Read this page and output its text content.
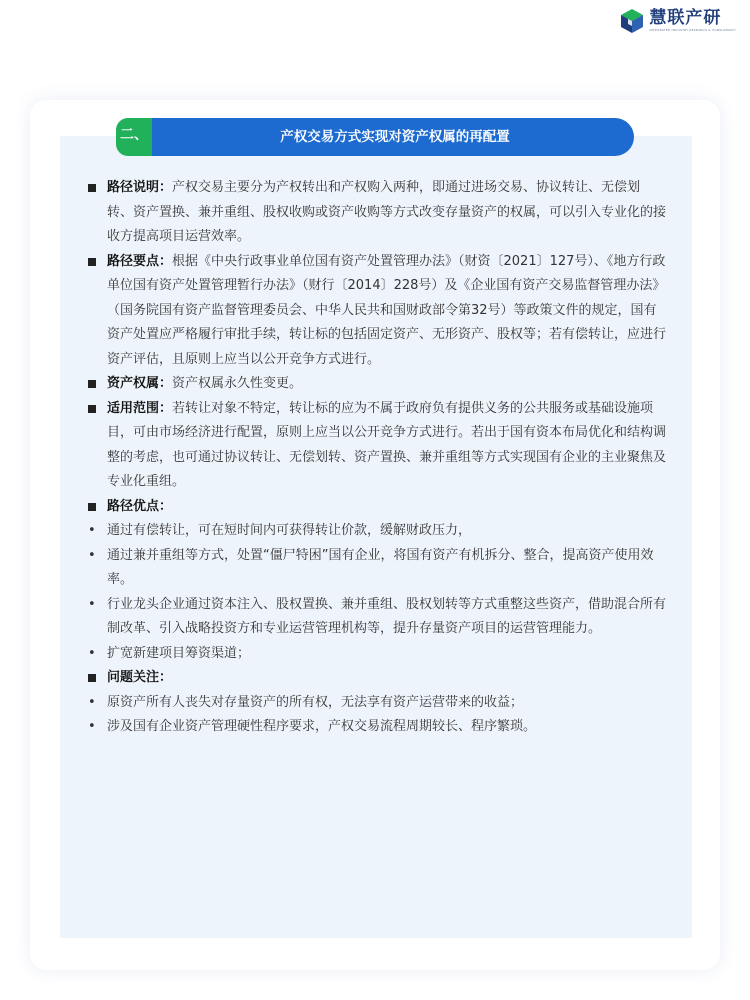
慧联产研
INTEGRATED INDUSTRY RESEARCH & CONSULTANCY
产权交易方式实现对资产权属的再配置
二、
路径说明：产权交易主要分为产权转出和产权购入两种，即通过进场交易、协议转让、无偿划转、资产置换、兼并重组、股权收购或资产收购等方式改变存量资产的权属，可以引入专业化的接收方提高项目运营效率。
路径要点：根据《中央行政事业单位国有资产处置管理办法》（财资〔2021〕127号）、《地方行政单位国有资产处置管理暂行办法》（财行〔2014〕228号）及《企业国有资产交易监督管理办法》（国务院国有资产监督管理委员会、中华人民共和国财政部令第32号）等政策文件的规定，国有资产处置应严格履行审批手续，转让标的包括固定资产、无形资产、股权等；若有偿转让，应进行资产评估，且原则上应当以公开竞争方式进行。
资产权属：资产权属永久性变更。
适用范围：若转让对象不特定，转让标的应为不属于政府负有提供义务的公共服务或基础设施项目，可由市场经济进行配置，原则上应当以公开竞争方式进行。若出于国有资本布局优化和结构调整的考虑，也可通过协议转让、无偿划转、资产置换、兼并重组等方式实现国有企业的主业聚焦及专业化重组。
路径优点：
• 通过有偿转让，可在短时间内可获得转让价款，缓解财政压力，
• 通过兼并重组等方式，处置“僵尸特困”国有企业，将国有资产有机拆分、整合，提高资产使用效率。
• 行业龙头企业通过资本注入、股权置换、兼并重组、股权划转等方式重整这些资产，借助混合所有制改革、引入战略投资方和专业运营管理机构等，提升存量资产项目的运营管理能力。
• 扩宽新建项目筹资渠道；
问题关注：
• 原资产所有人丧失对存量资产的所有权，无法享有资产运营带来的收益；
• 涉及国有企业资产管理硬性程序要求，产权交易流程周期较长、程序繁琐。
